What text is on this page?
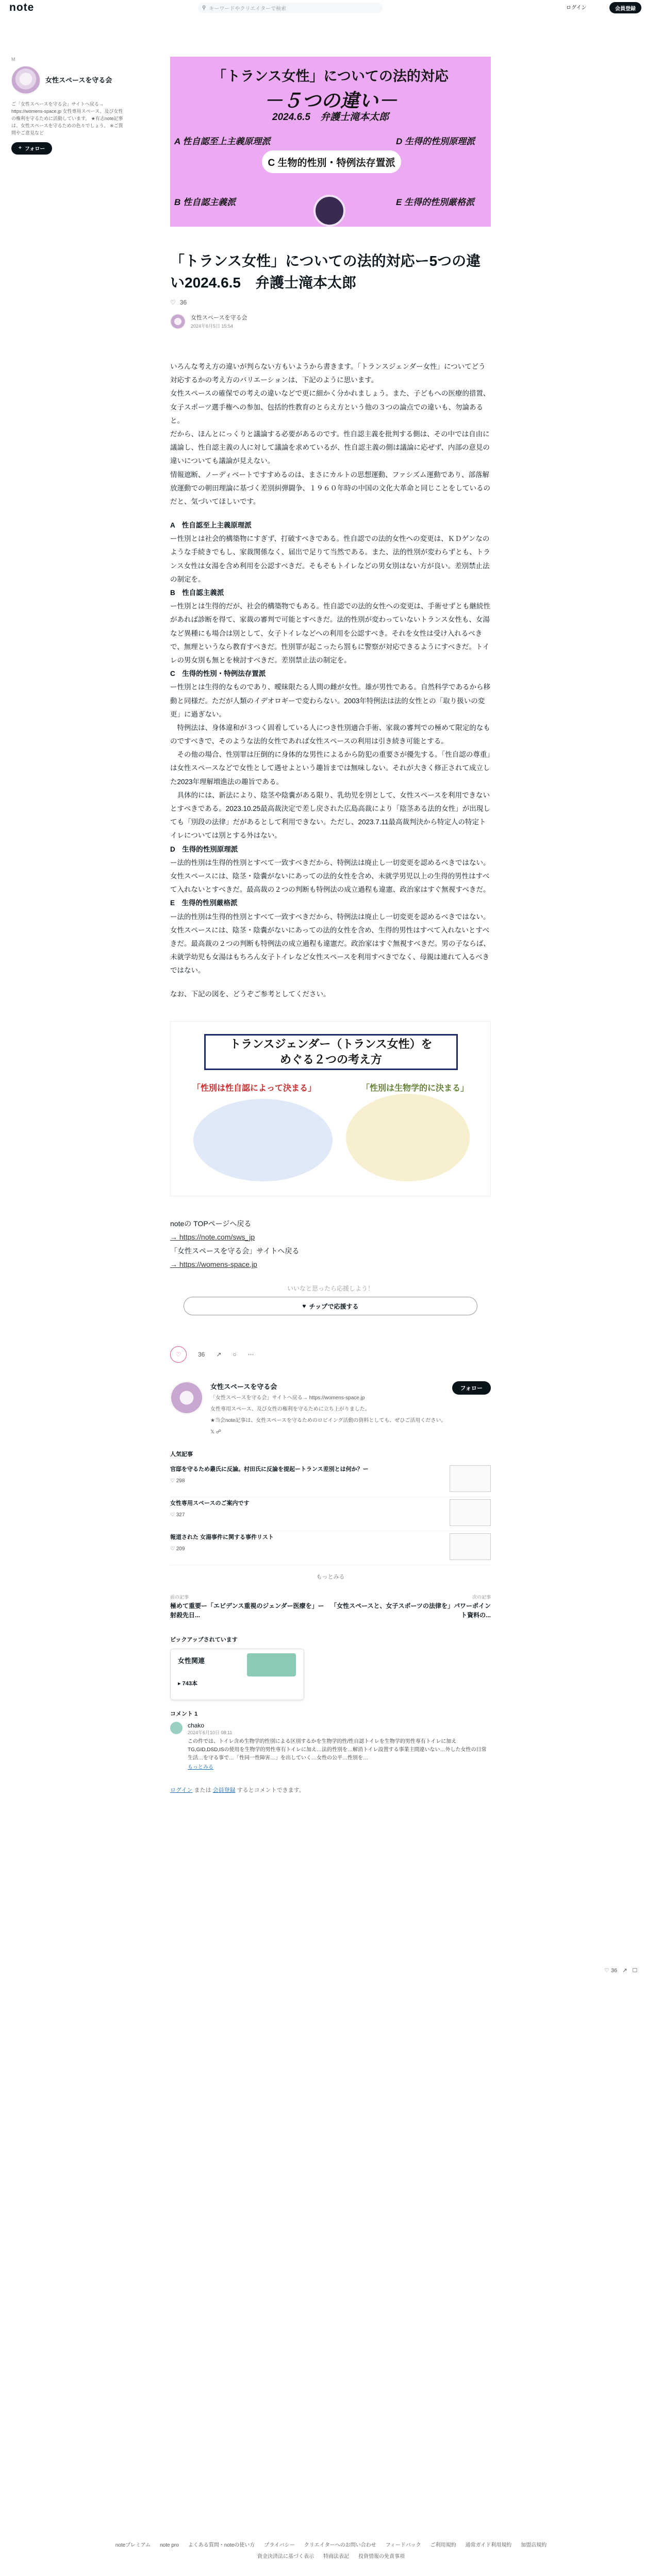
note	⚲ キーワードやクリエイターで検索	ログイン	会員登録
M
女性スペースを守る会
ご「女性スペースを守る会」サイトへ戻る→ https://womens-space.jp 女性専用スペース、及び女性の権利を守るために活動しています。 ★有志note記事は、女性スペースを守るための色々でしょう。 ※ご質問やご意見など
+ フォロー
「トランス女性」についての法的対応
－５つの違い－
2024.6.5　弁護士滝本太郎
A 性自認至上主義原理派
B 性自認主義派
C 生物的性別・特例法存置派
D 生得的性別原理派
E 生得的性別厳格派
「トランス女性」についての法的対応ー5つの違い2024.6.5　弁護士滝本太郎
♡ 36
女性スペースを守る会
2024年6月5日 15:54

いろんな考え方の違いが判らない方もいようから書きます。「トランスジェンダー女性」についてどう対応するかの考え方のバリエーションは、下記のように思います。

女性スペースの確保での考えの違いなどで更に細かく分かれましょう。また、子どもへの医療的措置、女子スポーツ選手権への参加、包括的性教育のとらえ方という他の３つの論点での違いも、勿論あると。

だから、ほんとにっくりと議論する必要があるのです。性自認主義を批判する側は、その中では自由に議論し、性自認主義の人に対して議論を求めているが、性自認主義の側は議論に応ぜず、内部の意見の違いについても議論が見えない。

情報遮断、ノーディベートですすめるのは、まさにカルトの思想運動、ファシズム運動であり、部落解放運動での朝田理論に基づく差別糾弾闘争、１９６０年時の中国の文化大革命と同じことをしているのだと、気づいてほしいです。

A　性自認至上主義原理派

ー性別とは社会的構築物にすぎず、打破すべきである。性自認での法的女性への変更は、ＫＤゲンなのような手続きでもし、家裁関係なく、届出で足りて当然である。また、法的性別が変わらずとも、トランス女性は女湯を含め利用を公認すべきだ。そもそもトイレなどの男女別はない方が良い。差別禁止法の制定を。

B　性自認主義派

ー性別とは生得的だが、社会的構築物でもある。性自認での法的女性への変更は、手術せずとも継続性があれば診断を得て、家裁の審判で可能とすべきだ。法的性別が変わっていないトランス女性も、女湯など異種にも場合は別として、女子トイレなどへの利用を公認すべき。それを女性は受け入れるべきで、無理というなら教育すべきだ。性別罪が起こったら罰もに警察が対応できるようにすべきだ。トイレの男女別も無とを検討すべきだ。差別禁止法の制定を。

C　生得的性別・特例法存置派

ー性別とは生得的なものであり、曖昧限たる人間の雌が女性。雄が男性である。自然科学であるから移動と同様だ。ただが人類のイデオロギーで変わらない。2003年特例法は法的女性との「取り扱いの変更」に過ぎない。

　特例法は、身体違和が３つく固着している人につき性別適合手術、家裁の審判での極めて限定的なものですべきで、そのような法的女性であれば女性スペースの利用は引き続き可能とする。

　その他の場合、性別罪は圧倒的に身体的な男性によるから防犯の重要さが優先する。「性自認の尊重」は女性スペースなどで女性として遇せよという趣旨までは無味しない。それが大きく修正されて成立した2023年理解増進法の趣旨である。

　具体的には、新法により、陰茎や陰嚢がある限り、乳幼児を別として、女性スペースを利用できないとすべきである。2023.10.25最高裁決定で差し戻された広島高裁により「陰茎ある法的女性」が出現しても「別段の法律」だがあるとして利用できない。ただし、2023.7.11最高裁判決から特定人の特定トイレについては別とする外はない。

D　生得的性別原理派

ー法的性別は生得的性別とすべて一致すべきだから、特例法は廃止し一切変更を認めるべきではない。女性スペースには、陰茎・陰嚢がないにあっての法的女性を含め、未就学男児以上の生得的男性はすべて入れないとすべきだ。最高裁の２つの判断も特例法の成立過程も違憲、政治家はすぐ無視すべきだ。

E　生得的性別厳格派

ー法的性別は生得的性別とすべて一致すべきだから、特例法は廃止し一切変更を認めるべきではない。女性スペースには、陰茎・陰嚢がないにあっての法的女性を含め、生得的男性はすべて入れないとすべきだ。最高裁の２つの判断も特例法の成立過程も違憲だ。政治家はすぐ無視すべきだ。男の子ならば、未就学幼児も女湯はもちろん女子トイレなど女性スペースを利用すべきでなく、母親は連れて入るべきではない。

なお、下記の図を、どうぞご参考としてください。

トランスジェンダー（トランス女性）を
めぐる２つの考え方
「性別は性自認によって決まる」	「性別は生物学的に決まる」
noteの TOPページへ戻る
→ https://note.com/sws_jp
「女性スペースを守る会」サイトへ戻る
→ https://womens-space.jp
いいなと思ったら応援しよう！
♥ チップで応援する
♡	36 ↗ ○ ⋯
女性スペースを守る会
「女性スペースを守る会」サイトへ戻る→ https://womens-space.jp
女性専用スペース、及び女性の権利を守るために立ち上がりました。
★当会note記事は、女性スペースを守るためのロビイング活動の資料としても、ぜひご活用ください。
𝕏 ☍
フォロー
人気記事
官邸を守るため叢氏に反論。村田氏に反論を提起ートランス差別とは何か？ー
♡ 298
女性専用スペースのご案内です
♡ 327
報道された 女湯事件に関する事件リスト
♡ 209
もっとみる
前の記事
極めて重要ー「エビデンス重視のジェンダー医療を」ー射殺先日...
次の記事
「女性スペースと、女子スポーツの法律を」パワーポイント資料の...
ピックアップされています
女性関連
▸ 743本
コメント 1
chako
2024年6月10日 08:11
この件では、トイレ含め生物学的性別による区別するかを生物学的性/性自認トイレを生物学的男性専有トイレに加えTG,GID,DSD,ISの使用を生物学的男性専有トイレに加え…法的性別を…解消トイレ設置する事業主間違いない…外した女性の日常生活…を守る事で…「性同一性障害…」を出していく…女性の公平…性別を…
もっとみる
ログイン または 会員登録 するとコメントできます。
♡ 36 ↗ ☐
noteプレミアム note pro よくある質問・noteの使い方 プライバシー クリエイターへのお問い合わせ フィードバック ご利用規約 通常ガイド利用規約 加盟店規約
資金決済法に基づく表示 特商法表記 投資情報の免責事項
